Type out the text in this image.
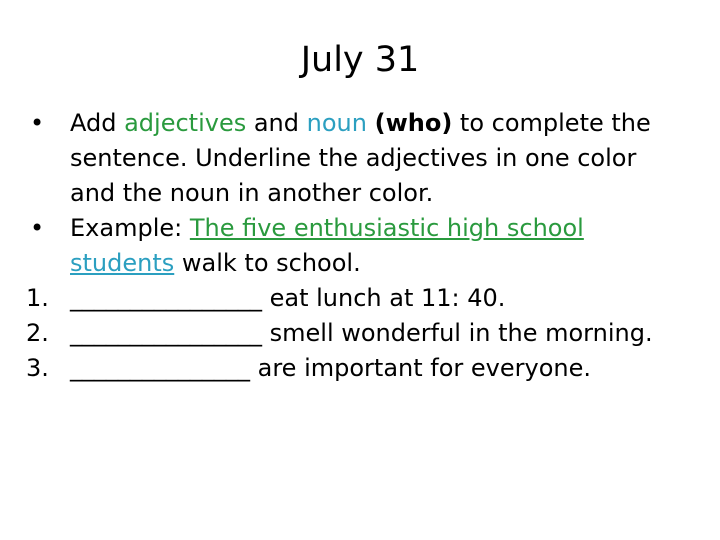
July 31
• Add adjectives and noun (who) to complete the sentence. Underline the adjectives in one color and the noun in another color.
• Example: The five enthusiastic high school students walk to school.
1. ________________ eat lunch at 11: 40.
2. ________________ smell wonderful in the morning.
3. _______________ are important for everyone.
